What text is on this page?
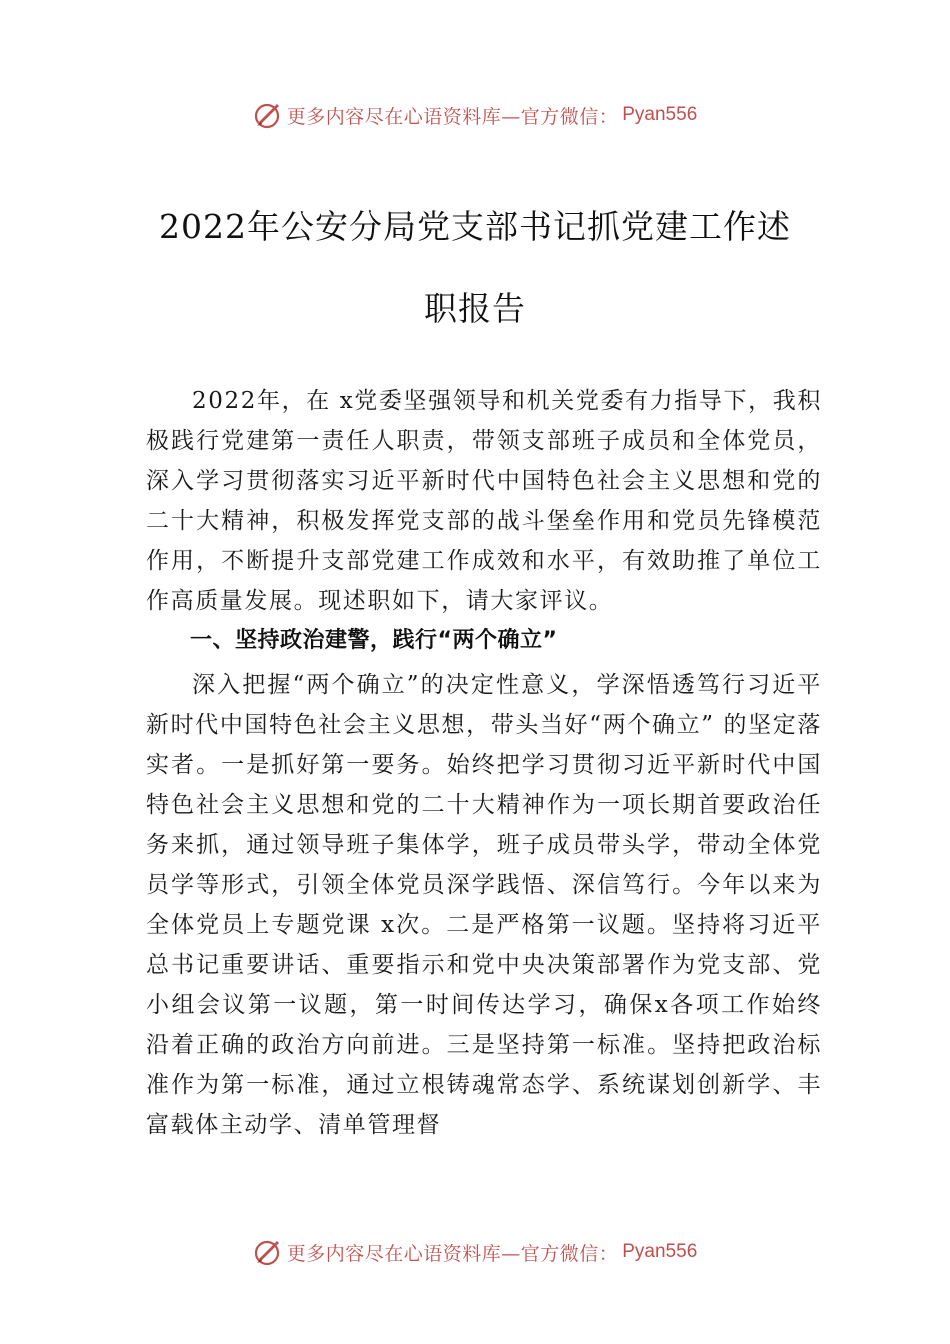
更多内容尽在心语资料库—官方微信： Pyan556
2022年公安分局党支部书记抓党建工作述
职报告

2022年，在 x党委坚强领导和机关党委有力指导下，我积极践行党建第一责任人职责，带领支部班子成员和全体党员，深入学习贯彻落实习近平新时代中国特色社会主义思想和党的二十大精神，积极发挥党支部的战斗堡垒作用和党员先锋模范作用，不断提升支部党建工作成效和水平，有效助推了单位工作高质量发展。现述职如下，请大家评议。

一、坚持政治建警，践行“两个确立”

深入把握“两个确立”的决定性意义，学深悟透笃行习近平新时代中国特色社会主义思想，带头当好“两个确立” 的坚定落实者。一是抓好第一要务。始终把学习贯彻习近平新时代中国特色社会主义思想和党的二十大精神作为一项长期首要政治任务来抓，通过领导班子集体学，班子成员带头学，带动全体党员学等形式，引领全体党员深学践悟、深信笃行。今年以来为全体党员上专题党课 x次。二是严格第一议题。坚持将习近平总书记重要讲话、重要指示和党中央决策部署作为党支部、党小组会议第一议题，第一时间传达学习，确保x各项工作始终沿着正确的政治方向前进。三是坚持第一标准。坚持把政治标准作为第一标准，通过立根铸魂常态学、系统谋划创新学、丰富载体主动学、清单管理督

更多内容尽在心语资料库—官方微信： Pyan556
